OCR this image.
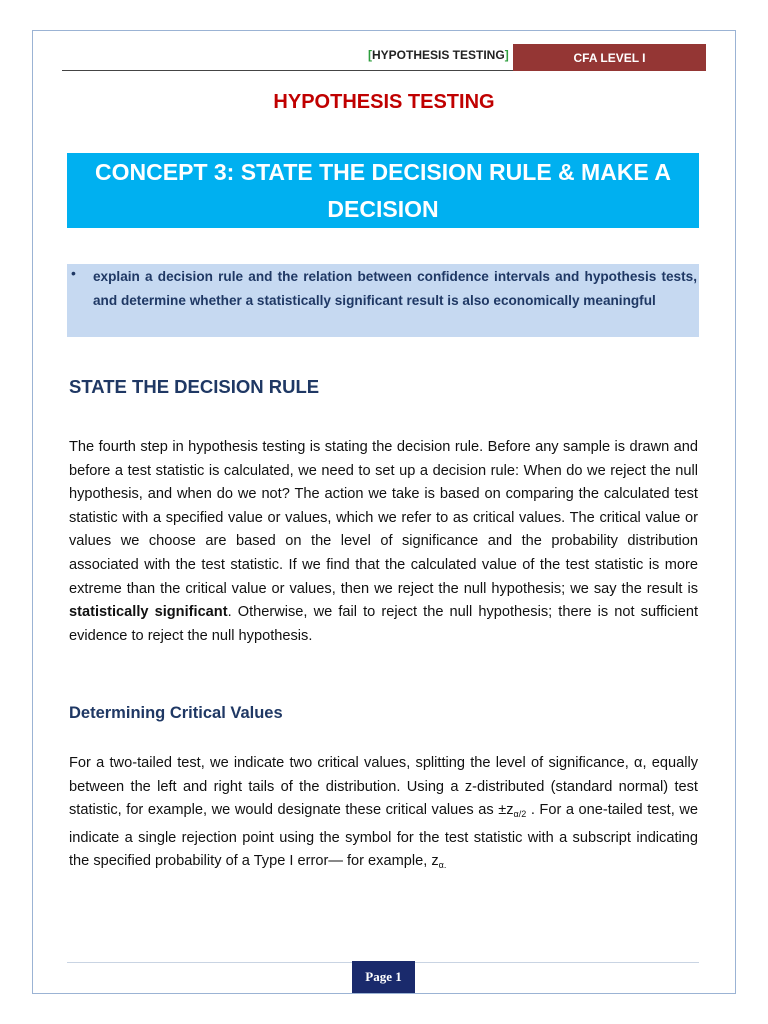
[HYPOTHESIS TESTING]	CFA LEVEL I
HYPOTHESIS TESTING
CONCEPT 3: STATE THE DECISION RULE & MAKE A DECISION
• explain a decision rule and the relation between confidence intervals and hypothesis tests, and determine whether a statistically significant result is also economically meaningful
STATE THE DECISION RULE

The fourth step in hypothesis testing is stating the decision rule. Before any sample is drawn and before a test statistic is calculated, we need to set up a decision rule: When do we reject the null hypothesis, and when do we not? The action we take is based on comparing the calculated test statistic with a specified value or values, which we refer to as critical values. The critical value or values we choose are based on the level of significance and the probability distribution associated with the test statistic. If we find that the calculated value of the test statistic is more extreme than the critical value or values, then we reject the null hypothesis; we say the result is statistically significant. Otherwise, we fail to reject the null hypothesis; there is not sufficient evidence to reject the null hypothesis.

Determining Critical Values

For a two-tailed test, we indicate two critical values, splitting the level of significance, α, equally between the left and right tails of the distribution. Using a z-distributed (standard normal) test statistic, for example, we would designate these critical values as $\pm z_{\alpha/2}$ . For a one-tailed test, we indicate a single rejection point using the symbol for the test statistic with a subscript indicating the specified probability of a Type I error— for example, $z_{\alpha.}$

Page 1
